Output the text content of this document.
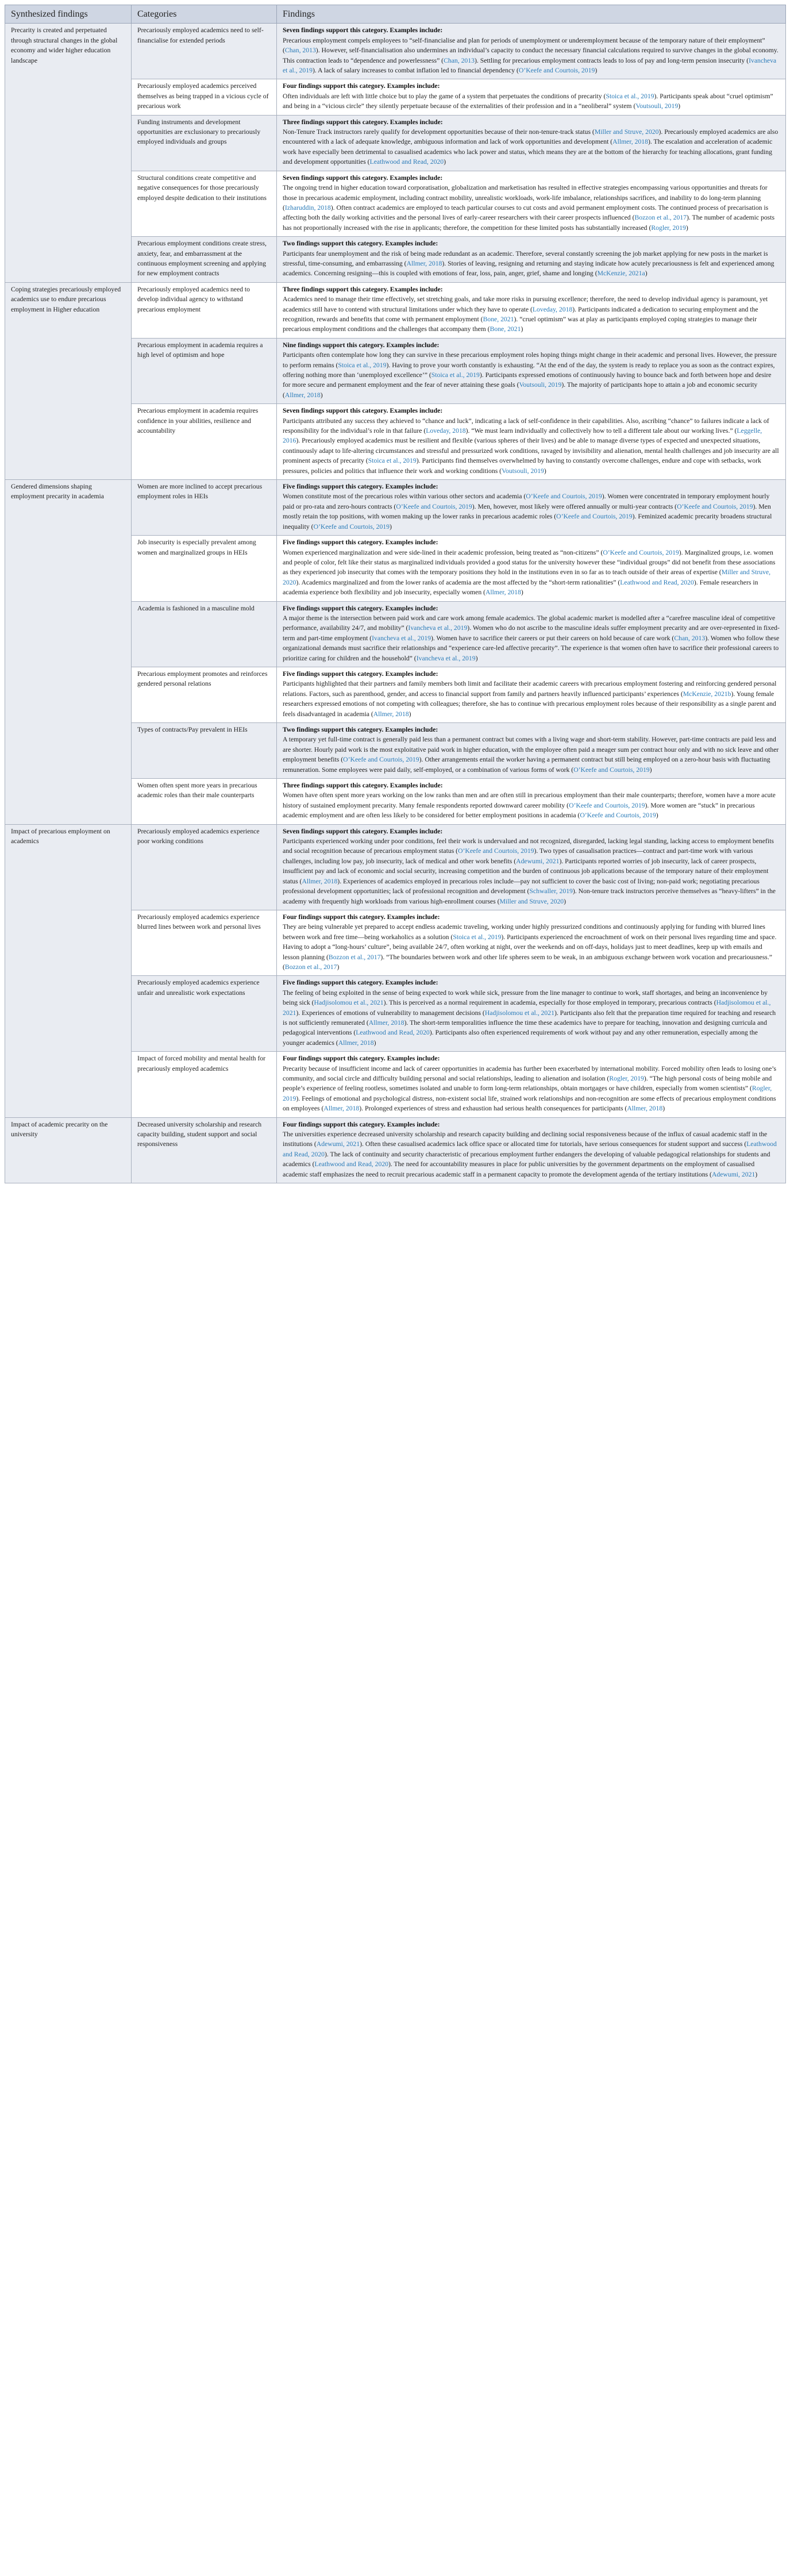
Synthesized findings	Categories	Findings
Precarity is created and perpetuated through structural changes in the global economy and wider higher education landscape	Precariously employed academics need to self-financialise for extended periods	Seven findings support this category. Examples include:
Precarious employment compels employees to “self-financialise and plan for periods of unemployment or underemployment because of the temporary nature of their employment” (Chan, 2013). However, self-financialisation also undermines an individual’s capacity to conduct the necessary financial calculations required to survive changes in the global economy. This contraction leads to “dependence and powerlessness” (Chan, 2013). Settling for precarious employment contracts leads to loss of pay and long-term pension insecurity (Ivancheva et al., 2019). A lack of salary increases to combat inflation led to financial dependency (O’Keefe and Courtois, 2019)

	Precariously employed academics perceived themselves as being trapped in a vicious cycle of precarious work	Four findings support this category. Examples include:
Often individuals are left with little choice but to play the game of a system that perpetuates the conditions of precarity (Stoica et al., 2019). Participants speak about “cruel optimism” and being in a “vicious circle” they silently perpetuate because of the externalities of their profession and in a “neoliberal” system (Voutsouli, 2019)

	Funding instruments and development opportunities are exclusionary to precariously employed individuals and groups	Three findings support this category. Examples include:
Non-Tenure Track instructors rarely qualify for development opportunities because of their non-tenure-track status (Miller and Struve, 2020). Precariously employed academics are also encountered with a lack of adequate knowledge, ambiguous information and lack of work opportunities and development (Allmer, 2018). The escalation and acceleration of academic work have especially been detrimental to casualised academics who lack power and status, which means they are at the bottom of the hierarchy for teaching allocations, grant funding and development opportunities (Leathwood and Read, 2020)

	Structural conditions create competitive and negative consequences for those precariously employed despite dedication to their institutions	Seven findings support this category. Examples include:
The ongoing trend in higher education toward corporatisation, globalization and marketisation has resulted in effective strategies encompassing various opportunities and threats for those in precarious academic employment, including contract mobility, unrealistic workloads, work-life imbalance, relationships sacrifices, and inability to do long-term planning (Izharuddin, 2018). Often contract academics are employed to teach particular courses to cut costs and avoid permanent employment costs. The continued process of precarisation is affecting both the daily working activities and the personal lives of early-career researchers with their career prospects influenced (Bozzon et al., 2017). The number of academic posts has not proportionally increased with the rise in applicants; therefore, the competition for these limited posts has substantially increased (Rogler, 2019)

	Precarious employment conditions create stress, anxiety, fear, and embarrassment at the continuous employment screening and applying for new employment contracts	Two findings support this category. Examples include:
Participants fear unemployment and the risk of being made redundant as an academic. Therefore, several constantly screening the job market applying for new posts in the market is stressful, time-consuming, and embarrassing (Allmer, 2018). Stories of leaving, resigning and returning and staying indicate how acutely precariousness is felt and experienced among academics. Concerning resigning—this is coupled with emotions of fear, loss, pain, anger, grief, shame and longing (McKenzie, 2021a)

Coping strategies precariously employed academics use to endure precarious employment in Higher education	Precariously employed academics need to develop individual agency to withstand precarious employment	Three findings support this category. Examples include:
Academics need to manage their time effectively, set stretching goals, and take more risks in pursuing excellence; therefore, the need to develop individual agency is paramount, yet academics still have to contend with structural limitations under which they have to operate (Loveday, 2018). Participants indicated a dedication to securing employment and the recognition, rewards and benefits that come with permanent employment (Bone, 2021). “cruel optimism” was at play as participants employed coping strategies to manage their precarious employment conditions and the challenges that accompany them (Bone, 2021)

	Precarious employment in academia requires a high level of optimism and hope	Nine findings support this category. Examples include:
Participants often contemplate how long they can survive in these precarious employment roles hoping things might change in their academic and personal lives. However, the pressure to perform remains (Stoica et al., 2019). Having to prove your worth constantly is exhausting. “At the end of the day, the system is ready to replace you as soon as the contract expires, offering nothing more than ‘unemployed excellence’” (Stoica et al., 2019). Participants expressed emotions of continuously having to bounce back and forth between hope and desire for more secure and permanent employment and the fear of never attaining these goals (Voutsouli, 2019). The majority of participants hope to attain a job and economic security (Allmer, 2018)

	Precarious employment in academia requires confidence in your abilities, resilience and accountability	Seven findings support this category. Examples include:
Participants attributed any success they achieved to “chance and luck”, indicating a lack of self-confidence in their capabilities. Also, ascribing “chance” to failures indicate a lack of responsibility for the individual’s role in that failure (Loveday, 2018). “We must learn individually and collectively how to tell a different tale about our working lives.” (Leggelle, 2016). Precariously employed academics must be resilient and flexible (various spheres of their lives) and be able to manage diverse types of expected and unexpected situations, continuously adapt to life-altering circumstances and stressful and pressurized work conditions, ravaged by invisibility and alienation, mental health challenges and job insecurity are all prominent aspects of precarity (Stoica et al., 2019). Participants find themselves overwhelmed by having to constantly overcome challenges, endure and cope with setbacks, work pressures, policies and politics that influence their work and working conditions (Voutsouli, 2019)

Gendered dimensions shaping employment precarity in academia	Women are more inclined to accept precarious employment roles in HEIs	Five findings support this category. Examples include:
Women constitute most of the precarious roles within various other sectors and academia (O’Keefe and Courtois, 2019). Women were concentrated in temporary employment hourly paid or pro-rata and zero-hours contracts (O’Keefe and Courtois, 2019). Men, however, most likely were offered annually or multi-year contracts (O’Keefe and Courtois, 2019). Men mostly retain the top positions, with women making up the lower ranks in precarious academic roles (O’Keefe and Courtois, 2019). Feminized academic precarity broadens structural inequality (O’Keefe and Courtois, 2019)

	Job insecurity is especially prevalent among women and marginalized groups in HEIs	Five findings support this category. Examples include:
Women experienced marginalization and were side-lined in their academic profession, being treated as “non-citizens” (O’Keefe and Courtois, 2019). Marginalized groups, i.e. women and people of color, felt like their status as marginalized individuals provided a good status for the university however these “individual groups” did not benefit from these associations as they experienced job insecurity that comes with the temporary positions they hold in the institutions even in so far as to teach outside of their areas of expertise (Miller and Struve, 2020). Academics marginalized and from the lower ranks of academia are the most affected by the “short-term rationalities” (Leathwood and Read, 2020). Female researchers in academia experience both flexibility and job insecurity, especially women (Allmer, 2018)

	Academia is fashioned in a masculine mold	Five findings support this category. Examples include:
A major theme is the intersection between paid work and care work among female academics. The global academic market is modelled after a “carefree masculine ideal of competitive performance, availability 24/7, and mobility” (Ivancheva et al., 2019). Women who do not ascribe to the masculine ideals suffer employment precarity and are over-represented in fixed-term and part-time employment (Ivancheva et al., 2019). Women have to sacrifice their careers or put their careers on hold because of care work (Chan, 2013). Women who follow these organizational demands must sacrifice their relationships and “experience care-led affective precarity”. The experience is that women often have to sacrifice their professional careers to prioritize caring for children and the household” (Ivancheva et al., 2019)

	Precarious employment promotes and reinforces gendered personal relations	Five findings support this category. Examples include:
Participants highlighted that their partners and family members both limit and facilitate their academic careers with precarious employment fostering and reinforcing gendered personal relations. Factors, such as parenthood, gender, and access to financial support from family and partners heavily influenced participants’ experiences (McKenzie, 2021b). Young female researchers expressed emotions of not competing with colleagues; therefore, she has to continue with precarious employment roles because of their responsibility as a single parent and feels disadvantaged in academia (Allmer, 2018)

	Types of contracts/Pay prevalent in HEIs	Two findings support this category. Examples include:
A temporary yet full-time contract is generally paid less than a permanent contract but comes with a living wage and short-term stability. However, part-time contracts are paid less and are shorter. Hourly paid work is the most exploitative paid work in higher education, with the employee often paid a meager sum per contract hour only and with no sick leave and other employment benefits (O’Keefe and Courtois, 2019). Other arrangements entail the worker having a permanent contract but still being employed on a zero-hour basis with fluctuating remuneration. Some employees were paid daily, self-employed, or a combination of various forms of work (O’Keefe and Courtois, 2019)

	Women often spent more years in precarious academic roles than their male counterparts	Three findings support this category. Examples include:
Women have often spent more years working on the low ranks than men and are often still in precarious employment than their male counterparts; therefore, women have a more acute history of sustained employment precarity. Many female respondents reported downward career mobility (O’Keefe and Courtois, 2019). More women are “stuck” in precarious academic employment and are often less likely to be considered for better employment positions in academia (O’Keefe and Courtois, 2019)

Impact of precarious employment on academics	Precariously employed academics experience poor working conditions	Seven findings support this category. Examples include:
Participants experienced working under poor conditions, feel their work is undervalued and not recognized, disregarded, lacking legal standing, lacking access to employment benefits and social recognition because of precarious employment status (O’Keefe and Courtois, 2019). Two types of casualisation practices—contract and part-time work with various challenges, including low pay, job insecurity, lack of medical and other work benefits (Adewumi, 2021). Participants reported worries of job insecurity, lack of career prospects, insufficient pay and lack of economic and social security, increasing competition and the burden of continuous job applications because of the temporary nature of their employment status (Allmer, 2018). Experiences of academics employed in precarious roles include—pay not sufficient to cover the basic cost of living; non-paid work; negotiating precarious professional development opportunities; lack of professional recognition and development (Schwaller, 2019). Non-tenure track instructors perceive themselves as “heavy-lifters” in the academy with frequently high workloads from various high-enrollment courses (Miller and Struve, 2020)

	Precariously employed academics experience blurred lines between work and personal lives	Four findings support this category. Examples include:
They are being vulnerable yet prepared to accept endless academic traveling, working under highly pressurized conditions and continuously applying for funding with blurred lines between work and free time—being workaholics as a solution (Stoica et al., 2019). Participants experienced the encroachment of work on their personal lives regarding time and space. Having to adopt a “long-hours’ culture”, being available 24/7, often working at night, over the weekends and on off-days, holidays just to meet deadlines, keep up with emails and lesson planning (Bozzon et al., 2017). “The boundaries between work and other life spheres seem to be weak, in an ambiguous exchange between work vocation and precariousness.” (Bozzon et al., 2017)

	Precariously employed academics experience unfair and unrealistic work expectations	Five findings support this category. Examples include:
The feeling of being exploited in the sense of being expected to work while sick, pressure from the line manager to continue to work, staff shortages, and being an inconvenience by being sick (Hadjisolomou et al., 2021). This is perceived as a normal requirement in academia, especially for those employed in temporary, precarious contracts (Hadjisolomou et al., 2021). Experiences of emotions of vulnerability to management decisions (Hadjisolomou et al., 2021). Participants also felt that the preparation time required for teaching and research is not sufficiently remunerated (Allmer, 2018). The short-term temporalities influence the time these academics have to prepare for teaching, innovation and designing curricula and pedagogical interventions (Leathwood and Read, 2020). Participants also often experienced requirements of work without pay and any other remuneration, especially among the younger academics (Allmer, 2018)

	Impact of forced mobility and mental health for precariously employed academics	Four findings support this category. Examples include:
Precarity because of insufficient income and lack of career opportunities in academia has further been exacerbated by international mobility. Forced mobility often leads to losing one’s community, and social circle and difficulty building personal and social relationships, leading to alienation and isolation (Rogler, 2019). “The high personal costs of being mobile and people’s experience of feeling rootless, sometimes isolated and unable to form long-term relationships, obtain mortgages or have children, especially from women scientists” (Rogler, 2019). Feelings of emotional and psychological distress, non-existent social life, strained work relationships and non-recognition are some effects of precarious employment conditions on employees (Allmer, 2018). Prolonged experiences of stress and exhaustion had serious health consequences for participants (Allmer, 2018)

Impact of academic precarity on the university	Decreased university scholarship and research capacity building, student support and social responsiveness	Four findings support this category. Examples include:
The universities experience decreased university scholarship and research capacity building and declining social responsiveness because of the influx of casual academic staff in the institutions (Adewumi, 2021). Often these casualised academics lack office space or allocated time for tutorials, have serious consequences for student support and success (Leathwood and Read, 2020). The lack of continuity and security characteristic of precarious employment further endangers the developing of valuable pedagogical relationships for students and academics (Leathwood and Read, 2020). The need for accountability measures in place for public universities by the government departments on the employment of casualised academic staff emphasizes the need to recruit precarious academic staff in a permanent capacity to promote the development agenda of the tertiary institutions (Adewumi, 2021)
